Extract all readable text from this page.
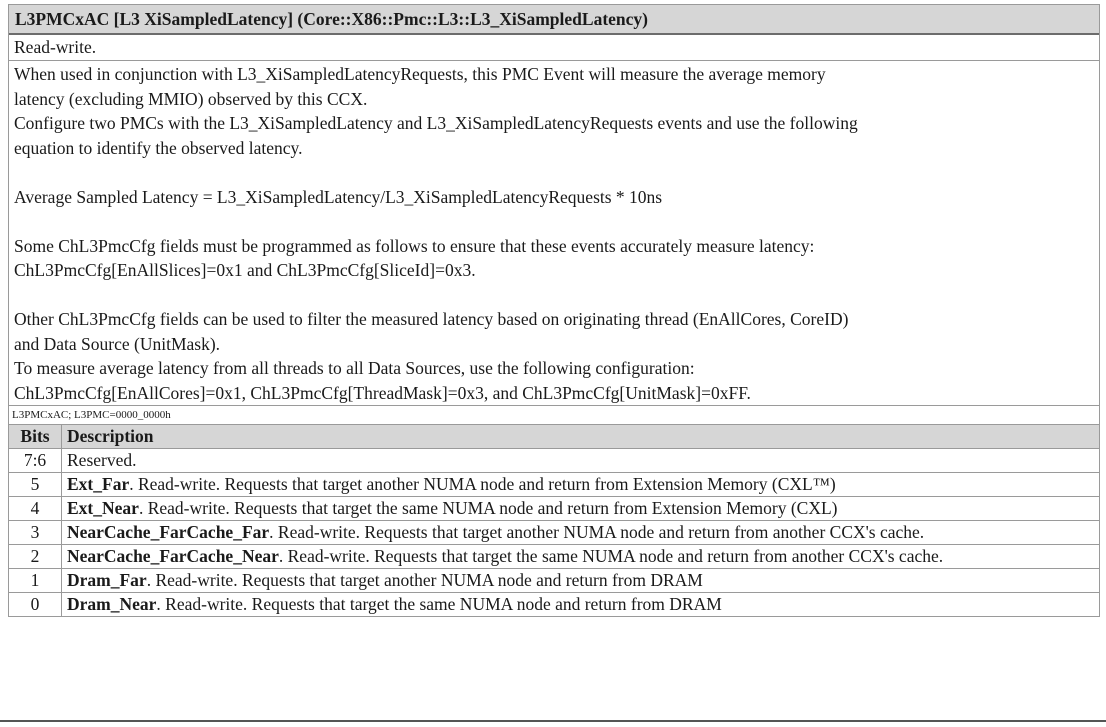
L3PMCxAC [L3 XiSampledLatency] (Core::X86::Pmc::L3::L3_XiSampledLatency)
Read-write.

When used in conjunction with L3_XiSampledLatencyRequests, this PMC Event will measure the average memory

latency (excluding MMIO) observed by this CCX.

Configure two PMCs with the L3_XiSampledLatency and L3_XiSampledLatencyRequests events and use the following

equation to identify the observed latency.

Average Sampled Latency = L3_XiSampledLatency/L3_XiSampledLatencyRequests * 10ns

Some ChL3PmcCfg fields must be programmed as follows to ensure that these events accurately measure latency:

ChL3PmcCfg[EnAllSlices]=0x1 and ChL3PmcCfg[SliceId]=0x3.

Other ChL3PmcCfg fields can be used to filter the measured latency based on originating thread (EnAllCores, CoreID)

and Data Source (UnitMask).

To measure average latency from all threads to all Data Sources, use the following configuration:

ChL3PmcCfg[EnAllCores]=0x1, ChL3PmcCfg[ThreadMask]=0x3, and ChL3PmcCfg[UnitMask]=0xFF.

L3PMCxAC; L3PMC=0000_0000h
Bits	Description
7:6	Reserved.
5	Ext_Far. Read-write. Requests that target another NUMA node and return from Extension Memory (CXL™)
4	Ext_Near. Read-write. Requests that target the same NUMA node and return from Extension Memory (CXL)
3	NearCache_FarCache_Far. Read-write. Requests that target another NUMA node and return from another CCX's cache.
2	NearCache_FarCache_Near. Read-write. Requests that target the same NUMA node and return from another CCX's cache.
1	Dram_Far. Read-write. Requests that target another NUMA node and return from DRAM
0	Dram_Near. Read-write. Requests that target the same NUMA node and return from DRAM
